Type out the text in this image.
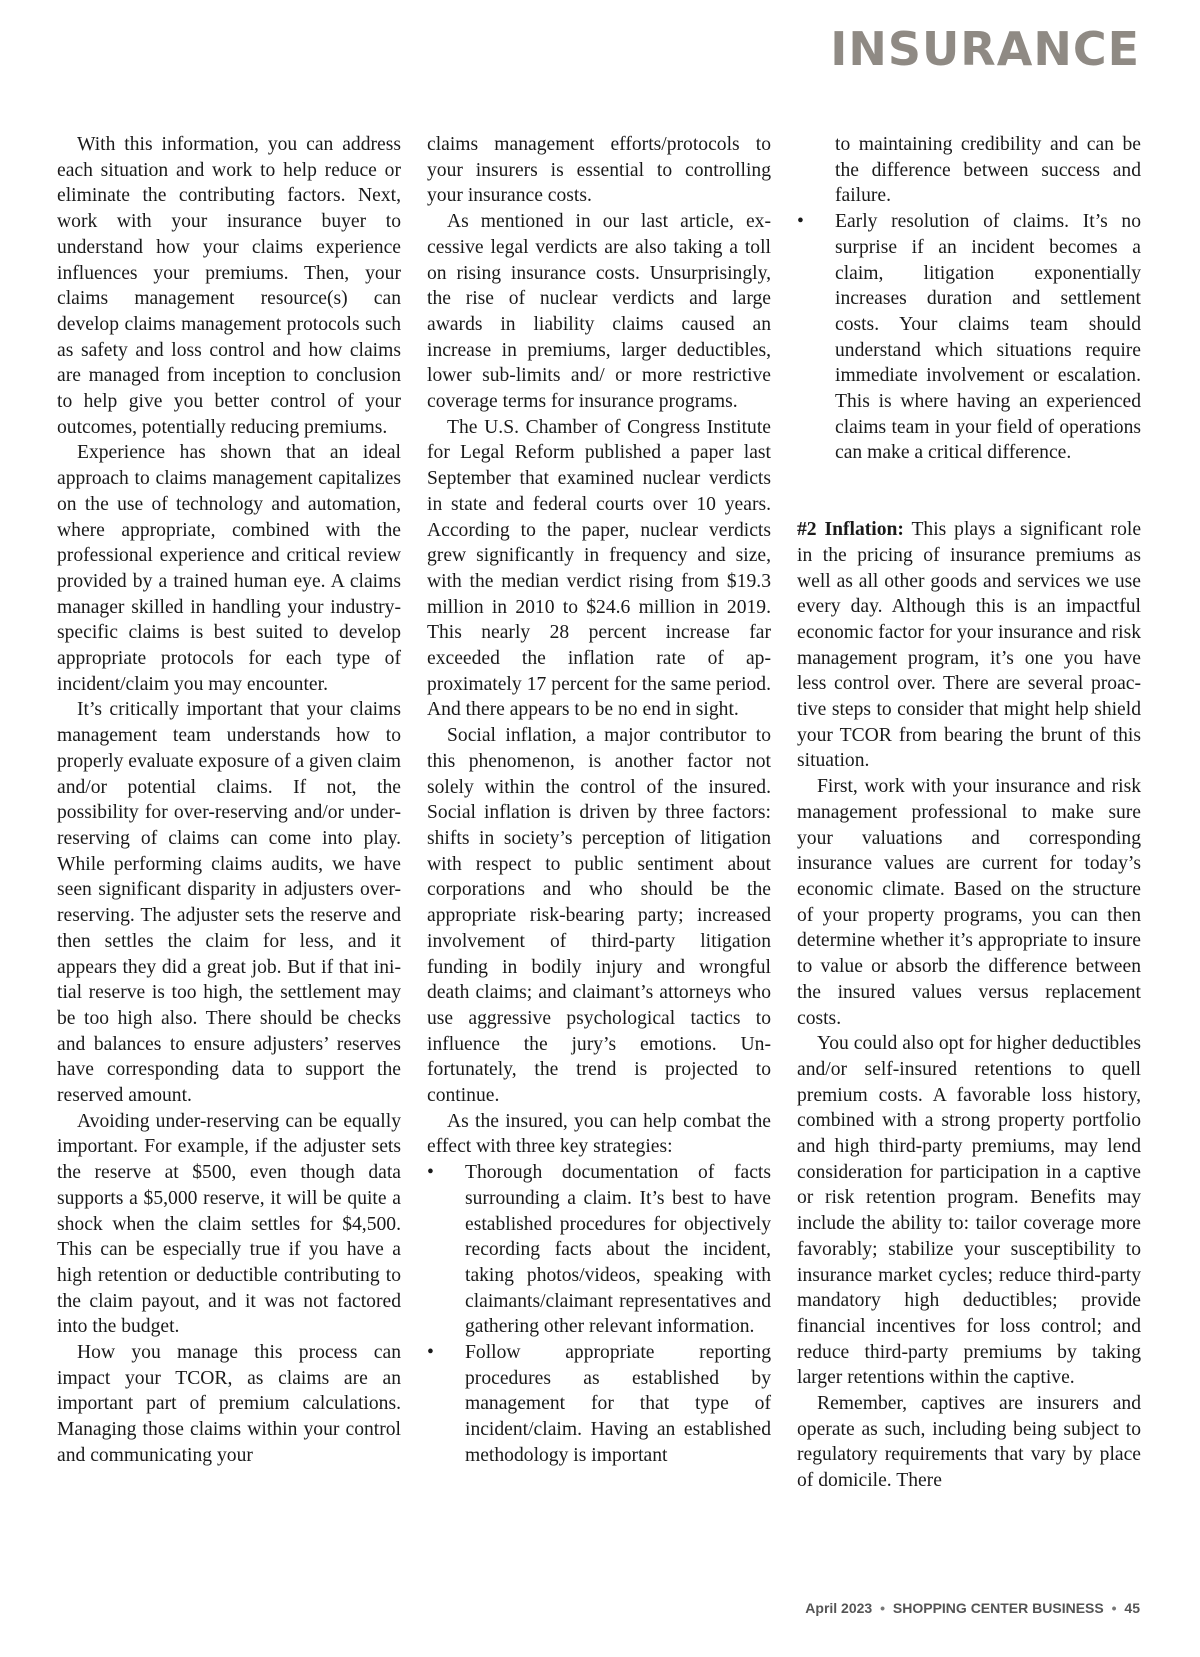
INSURANCE

With this information, you can address each situation and work to help reduce or eliminate the contributing factors. Next, work with your insurance buyer to understand how your claims experience influences your premiums. Then, your claims management resource(s) can develop claims management protocols such as safety and loss control and how claims are managed from inception to conclusion to help give you better control of your outcomes, potentially reducing premiums.

Experience has shown that an ideal approach to claims management capitalizes on the use of technology and automation, where appropriate, combined with the professional experience and critical review provided by a trained human eye. A claims manager skilled in handling your industry-specific claims is best suited to develop appropriate protocols for each type of incident/claim you may encounter.

It’s critically important that your claims management team understands how to properly evaluate exposure of a given claim and/or potential claims. If not, the possibility for over-reserving and/or under-reserving of claims can come into play. While performing claims audits, we have seen significant disparity in adjusters over-reserving. The adjuster sets the reserve and then settles the claim for less, and it appears they did a great job. But if that initial reserve is too high, the settlement may be too high also. There should be checks and balances to ensure adjusters’ reserves have corresponding data to support the reserved amount.

Avoiding under-reserving can be equally important. For example, if the adjuster sets the reserve at $500, even though data supports a $5,000 reserve, it will be quite a shock when the claim settles for $4,500. This can be especially true if you have a high retention or deductible contributing to the claim payout, and it was not factored into the budget.

How you manage this process can impact your TCOR, as claims are an important part of premium calculations. Managing those claims within your control and communicating your

claims management efforts/protocols to your insurers is essential to controlling your insurance costs.

As mentioned in our last article, excessive legal verdicts are also taking a toll on rising insurance costs. Unsurprisingly, the rise of nuclear verdicts and large awards in liability claims caused an increase in premiums, larger deductibles, lower sub-limits and/ or more restrictive coverage terms for insurance programs.

The U.S. Chamber of Congress Institute for Legal Reform published a paper last September that examined nuclear verdicts in state and federal courts over 10 years. According to the paper, nuclear verdicts grew significantly in frequency and size, with the median verdict rising from $19.3 million in 2010 to $24.6 million in 2019. This nearly 28 percent increase far exceeded the inflation rate of approximately 17 percent for the same period. And there appears to be no end in sight.

Social inflation, a major contributor to this phenomenon, is another factor not solely within the control of the insured. Social inflation is driven by three factors: shifts in society’s perception of litigation with respect to public sentiment about corporations and who should be the appropriate risk-bearing party; increased involvement of third-party litigation funding in bodily injury and wrongful death claims; and claimant’s attorneys who use aggressive psychological tactics to influence the jury’s emotions. Unfortunately, the trend is projected to continue.

As the insured, you can help combat the effect with three key strategies:

• Thorough documentation of facts surrounding a claim. It’s best to have established procedures for objectively recording facts about the incident, taking photos/videos, speaking with claimants/claimant representatives and gathering other relevant information.
• Follow appropriate reporting procedures as established by management for that type of incident/claim. Having an established methodology is important
to maintaining credibility and can be the difference between success and failure.
• Early resolution of claims. It’s no surprise if an incident becomes a claim, litigation exponentially increases duration and settlement costs. Your claims team should understand which situations require immediate involvement or escalation. This is where having an experienced claims team in your field of operations can make a critical difference.

#2 Inflation: This plays a significant role in the pricing of insurance premiums as well as all other goods and services we use every day. Although this is an impactful economic factor for your insurance and risk management program, it’s one you have less control over. There are several proactive steps to consider that might help shield your TCOR from bearing the brunt of this situation.

First, work with your insurance and risk management professional to make sure your valuations and corresponding insurance values are current for today’s economic climate. Based on the structure of your property programs, you can then determine whether it’s appropriate to insure to value or absorb the difference between the insured values versus replacement costs.

You could also opt for higher deductibles and/or self-insured retentions to quell premium costs. A favorable loss history, combined with a strong property portfolio and high third-party premiums, may lend consideration for participation in a captive or risk retention program. Benefits may include the ability to: tailor coverage more favorably; stabilize your susceptibility to insurance market cycles; reduce third-party mandatory high deductibles; provide financial incentives for loss control; and reduce third-party premiums by taking larger retentions within the captive.

Remember, captives are insurers and operate as such, including being subject to regulatory requirements that vary by place of domicile. There

April 2023 • SHOPPING CENTER BUSINESS • 45
